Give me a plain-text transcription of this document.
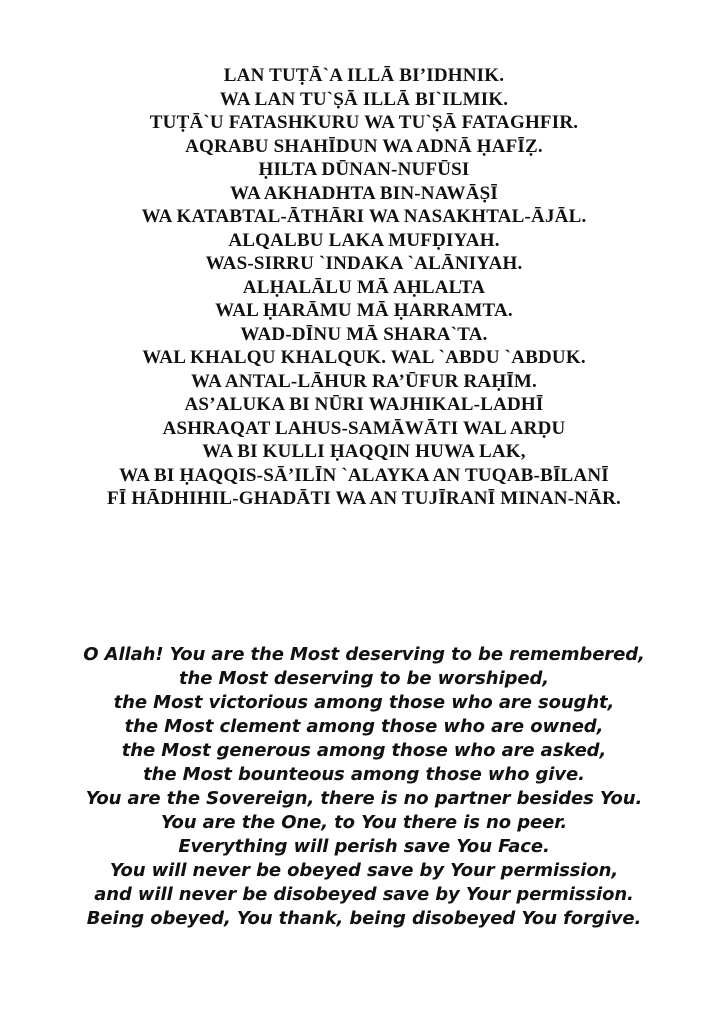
LAN TUṬĀ`A ILLĀ BI’IDHNIK.
WA LAN TU`ṢĀ ILLĀ BI`ILMIK.
TUṬĀ`U FATASHKURU WA TU`ṢĀ FATAGHFIR.
AQRABU SHAHĪDUN WA ADNĀ ḤAFĪẒ.
ḤILTA DŪNAN-NUFŪSI
WA AKHADHTA BIN-NAWĀṢĪ
WA KATABTAL-ĀTHĀRI WA NASAKHTAL-ĀJĀL.
ALQALBU LAKA MUFḌIYAH.
WAS-SIRRU `INDAKA `ALĀNIYAH.
ALḤALĀLU MĀ AḤLALTA
WAL ḤARĀMU MĀ ḤARRAMTA.
WAD-DĪNU MĀ SHARA`TA.
WAL KHALQU KHALQUK. WAL `ABDU `ABDUK.
WA ANTAL-LĀHUR RA’ŪFUR RAḤĪM.
AS’ALUKA BI NŪRI WAJHIKAL-LADHĪ
ASHRAQAT LAHUS-SAMĀWĀTI WAL ARḌU
WA BI KULLI ḤAQQIN HUWA LAK,
WA BI ḤAQQIS-SĀ’ILĪN `ALAYKA AN TUQAB-BĪLANĪ
FĪ HĀDHIHIL-GHADĀTI WA AN TUJĪRANĪ MINAN-NĀR.
O Allah! You are the Most deserving to be remembered,
the Most deserving to be worshiped,
the Most victorious among those who are sought,
the Most clement among those who are owned,
the Most generous among those who are asked,
the Most bounteous among those who give.
You are the Sovereign, there is no partner besides You.
You are the One, to You there is no peer.
Everything will perish save You Face.
You will never be obeyed save by Your permission,
and will never be disobeyed save by Your permission.
Being obeyed, You thank, being disobeyed You forgive.
